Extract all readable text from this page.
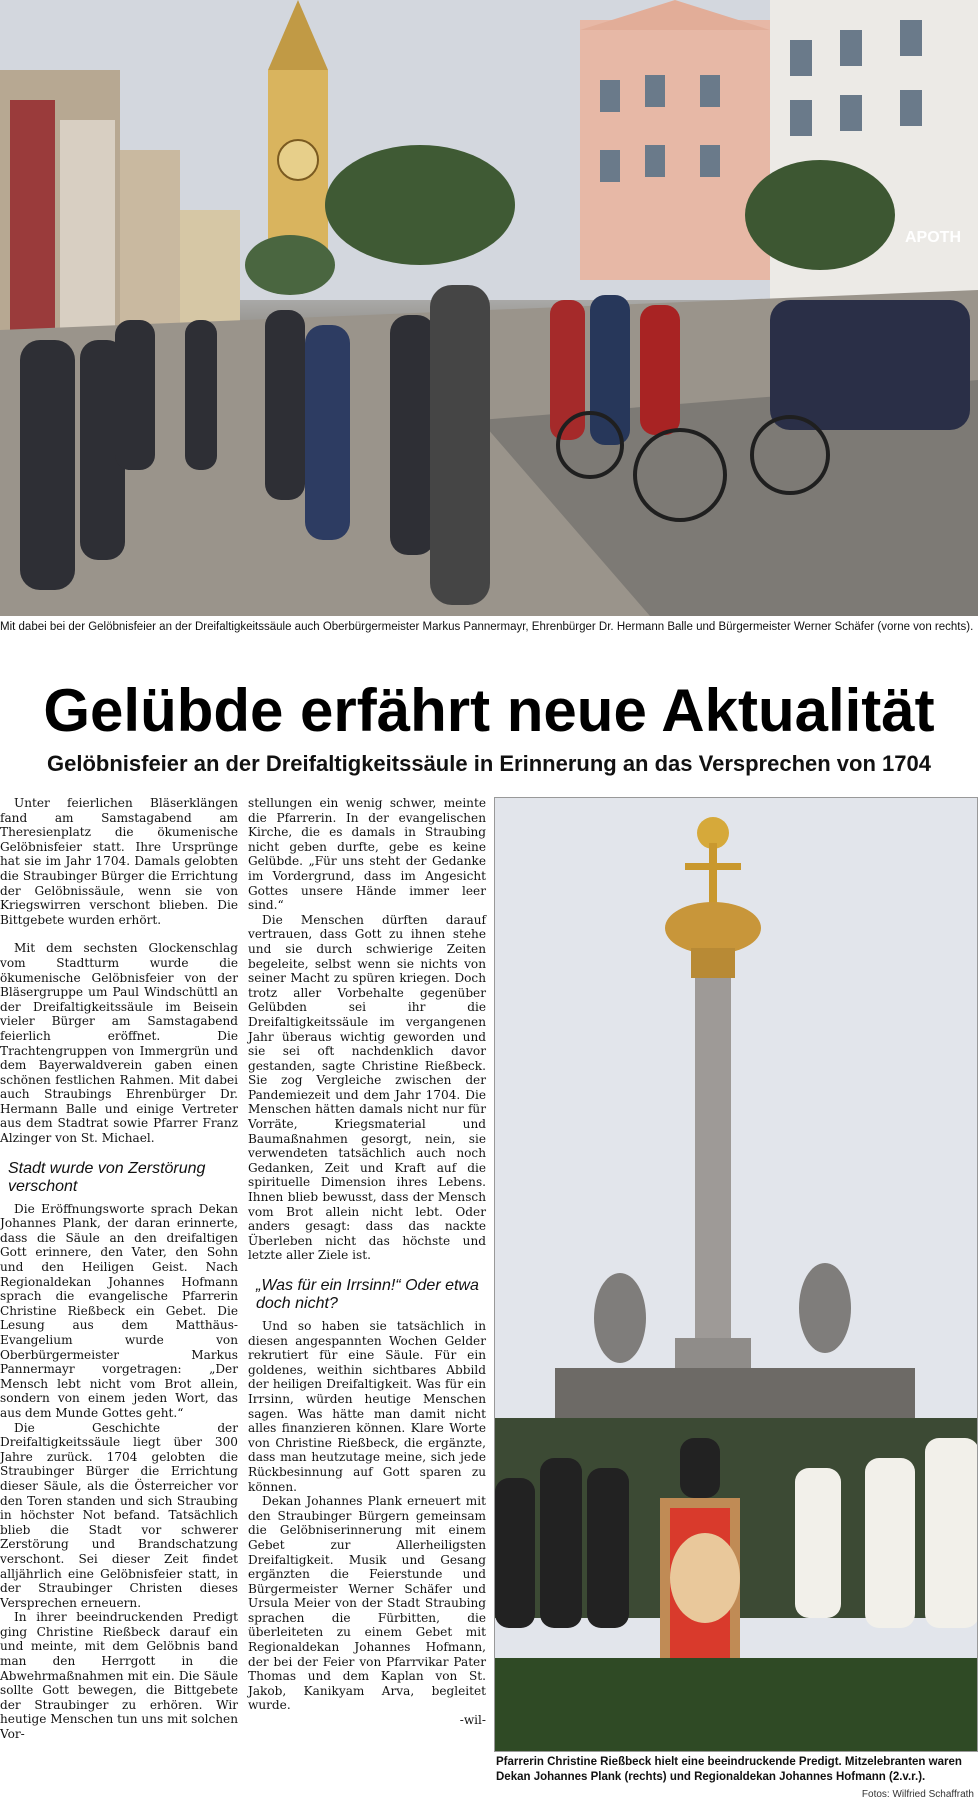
APOTH
Mit dabei bei der Gelöbnisfeier an der Dreifaltigkeitssäule auch Oberbürgermeister Markus Pannermayr, Ehrenbürger Dr. Hermann Balle und Bürgermeister Werner Schäfer (vorne von rechts).
Gelübde erfährt neue Aktualität
Gelöbnisfeier an der Dreifaltigkeitssäule in Erinnerung an das Versprechen von 1704

Unter feierlichen Bläserklängen fand am Samstagabend am Theresienplatz die ökumenische Gelöbnisfeier statt. Ihre Ursprünge hat sie im Jahr 1704. Damals gelobten die Straubinger Bürger die Errichtung der Gelöbnissäule, wenn sie von Kriegswirren verschont blieben. Die Bittgebete wurden erhört.

Mit dem sechsten Glockenschlag vom Stadtturm wurde die ökumenische Gelöbnisfeier von der Bläsergruppe um Paul Windschüttl an der Dreifaltigkeitssäule im Beisein vieler Bürger am Samstagabend feierlich eröffnet. Die Trachtengruppen von Immergrün und dem Bayerwaldverein gaben einen schönen festlichen Rahmen. Mit dabei auch Straubings Ehrenbürger Dr. Hermann Balle und einige Vertreter aus dem Stadtrat sowie Pfarrer Franz Alzinger von St. Michael.

Stadt wurde von Zerstörung verschont

Die Eröffnungsworte sprach Dekan Johannes Plank, der daran erinnerte, dass die Säule an den dreifaltigen Gott erinnere, den Vater, den Sohn und den Heiligen Geist. Nach Regionaldekan Johannes Hofmann sprach die evangelische Pfarrerin Christine Rießbeck ein Gebet. Die Lesung aus dem Matthäus-Evangelium wurde von Oberbürgermeister Markus Pannermayr vorgetragen: „Der Mensch lebt nicht vom Brot allein, sondern von einem jeden Wort, das aus dem Munde Gottes geht.“

Die Geschichte der Dreifaltigkeitssäule liegt über 300 Jahre zurück. 1704 gelobten die Straubinger Bürger die Errichtung dieser Säule, als die Österreicher vor den Toren standen und sich Straubing in höchster Not befand. Tatsächlich blieb die Stadt vor schwerer Zerstörung und Brandschatzung verschont. Sei dieser Zeit findet alljährlich eine Gelöbnisfeier statt, in der Straubinger Christen dieses Versprechen erneuern.

In ihrer beeindruckenden Predigt ging Christine Rießbeck darauf ein und meinte, mit dem Gelöbnis band man den Herrgott in die Abwehrmaßnahmen mit ein. Die Säule sollte Gott bewegen, die Bittgebete der Straubinger zu erhören. Wir heutige Menschen tun uns mit solchen Vor-

stellungen ein wenig schwer, meinte die Pfarrerin. In der evangelischen Kirche, die es damals in Straubing nicht geben durfte, gebe es keine Gelübde. „Für uns steht der Gedanke im Vordergrund, dass im Angesicht Gottes unsere Hände immer leer sind.“

Die Menschen dürften darauf vertrauen, dass Gott zu ihnen stehe und sie durch schwierige Zeiten begeleite, selbst wenn sie nichts von seiner Macht zu spüren kriegen. Doch trotz aller Vorbehalte gegenüber Gelübden sei ihr die Dreifaltigkeitssäule im vergangenen Jahr überaus wichtig geworden und sie sei oft nachdenklich davor gestanden, sagte Christine Rießbeck. Sie zog Vergleiche zwischen der Pandemiezeit und dem Jahr 1704. Die Menschen hätten damals nicht nur für Vorräte, Kriegsmaterial und Baumaßnahmen gesorgt, nein, sie verwendeten tatsächlich auch noch Gedanken, Zeit und Kraft auf die spirituelle Dimension ihres Lebens. Ihnen blieb bewusst, dass der Mensch vom Brot allein nicht lebt. Oder anders gesagt: dass das nackte Überleben nicht das höchste und letzte aller Ziele ist.

„Was für ein Irrsinn!“ Oder etwa doch nicht?

Und so haben sie tatsächlich in diesen angespannten Wochen Gelder rekrutiert für eine Säule. Für ein goldenes, weithin sichtbares Abbild der heiligen Dreifaltigkeit. Was für ein Irrsinn, würden heutige Menschen sagen. Was hätte man damit nicht alles finanzieren können. Klare Worte von Christine Rießbeck, die ergänzte, dass man heutzutage meine, sich jede Rückbesinnung auf Gott sparen zu können.

Dekan Johannes Plank erneuert mit den Straubinger Bürgern gemeinsam die Gelöbniserinnerung mit einem Gebet zur Allerheiligsten Dreifaltigkeit. Musik und Gesang ergänzten die Feierstunde und Bürgermeister Werner Schäfer und Ursula Meier von der Stadt Straubing sprachen die Fürbitten, die überleiteten zu einem Gebet mit Regionaldekan Johannes Hofmann, der bei der Feier von Pfarrvikar Pater Thomas und dem Kaplan von St. Jakob, Kanikyam Arva, begleitet wurde.

-wil-
Pfarrerin Christine Rießbeck hielt eine beeindruckende Predigt. Mitzelebranten waren Dekan Johannes Plank (rechts) und Regionaldekan Johannes Hofmann (2.v.r.).
Fotos: Wilfried Schaffrath
